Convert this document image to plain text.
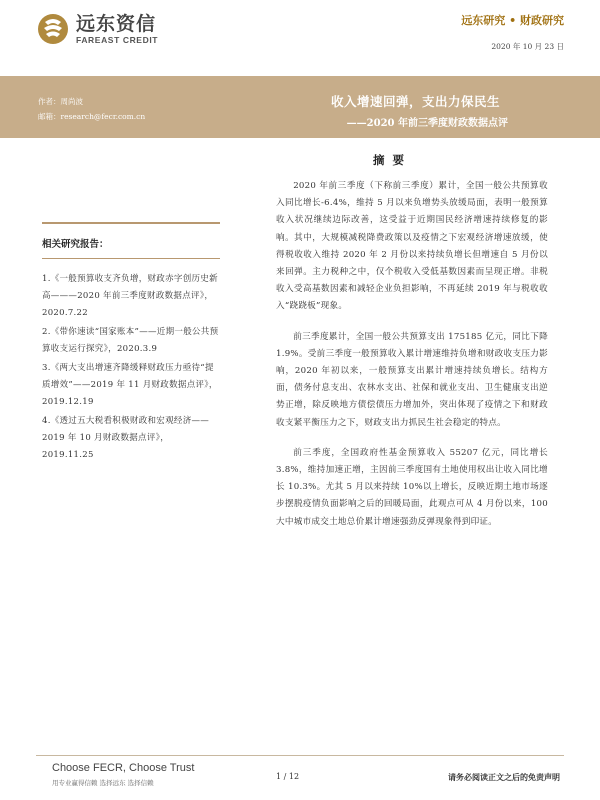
远东资信
FAREAST CREDIT
远东研究 • 财政研究
2020 年 10 月 23 日
作者：周尚波
邮箱：research@fecr.com.cn
收入增速回弹，支出力保民生
——2020 年前三季度财政数据点评
相关研究报告：
1.《一般预算收支齐负增，财政赤字创历史新高———2020 年前三季度财政数据点评》，2020.7.22
2.《带你速读“国家账本”——近期一般公共预算收支运行探究》，2020.3.9
3.《两大支出增速齐降缓释财政压力亟待“提质增效”——2019 年 11 月财政数据点评》，2019.12.19
4.《透过五大税看积极财政和宏观经济——2019 年 10 月财政数据点评》，2019.11.25
摘 要

2020 年前三季度（下称前三季度）累计，全国一般公共预算收入同比增长-6.4%，维持 5 月以来负增势头放缓局面，表明一般预算收入状况继续边际改善，这受益于近期国民经济增速持续修复的影响。其中，大规模减税降费政策以及疫情之下宏观经济增速放缓，使得税收收入维持 2020 年 2 月份以来持续负增长但增速自 5 月份以来回弹。主力税种之中，仅个税收入受低基数因素而呈现正增。非税收入受高基数因素和减轻企业负担影响，不再延续 2019 年与税收收入“跷跷板”现象。

前三季度累计，全国一般公共预算支出 175185 亿元，同比下降 1.9%。受前三季度一般预算收入累计增速维持负增和财政收支压力影响，2020 年初以来，一般预算支出累计增速持续负增长。结构方面，债务付息支出、农林水支出、社保和就业支出、卫生健康支出逆势正增，除反映地方债偿债压力增加外，突出体现了疫情之下和财政收支紧平衡压力之下，财政支出力抓民生社会稳定的特点。

前三季度，全国政府性基金预算收入 55207 亿元，同比增长 3.8%，维持加速正增，主因前三季度国有土地使用权出让收入同比增长 10.3%。尤其 5 月以来持续 10%以上增长，反映近期土地市场逐步摆脱疫情负面影响之后的回暖局面，此观点可从 4 月份以来，100 大中城市成交土地总价累计增速强劲反弹现象得到印证。

Choose FECR, Choose Trust
用专业赢得信赖 选择远东 选择信赖
1 / 12	请务必阅读正文之后的免责声明
